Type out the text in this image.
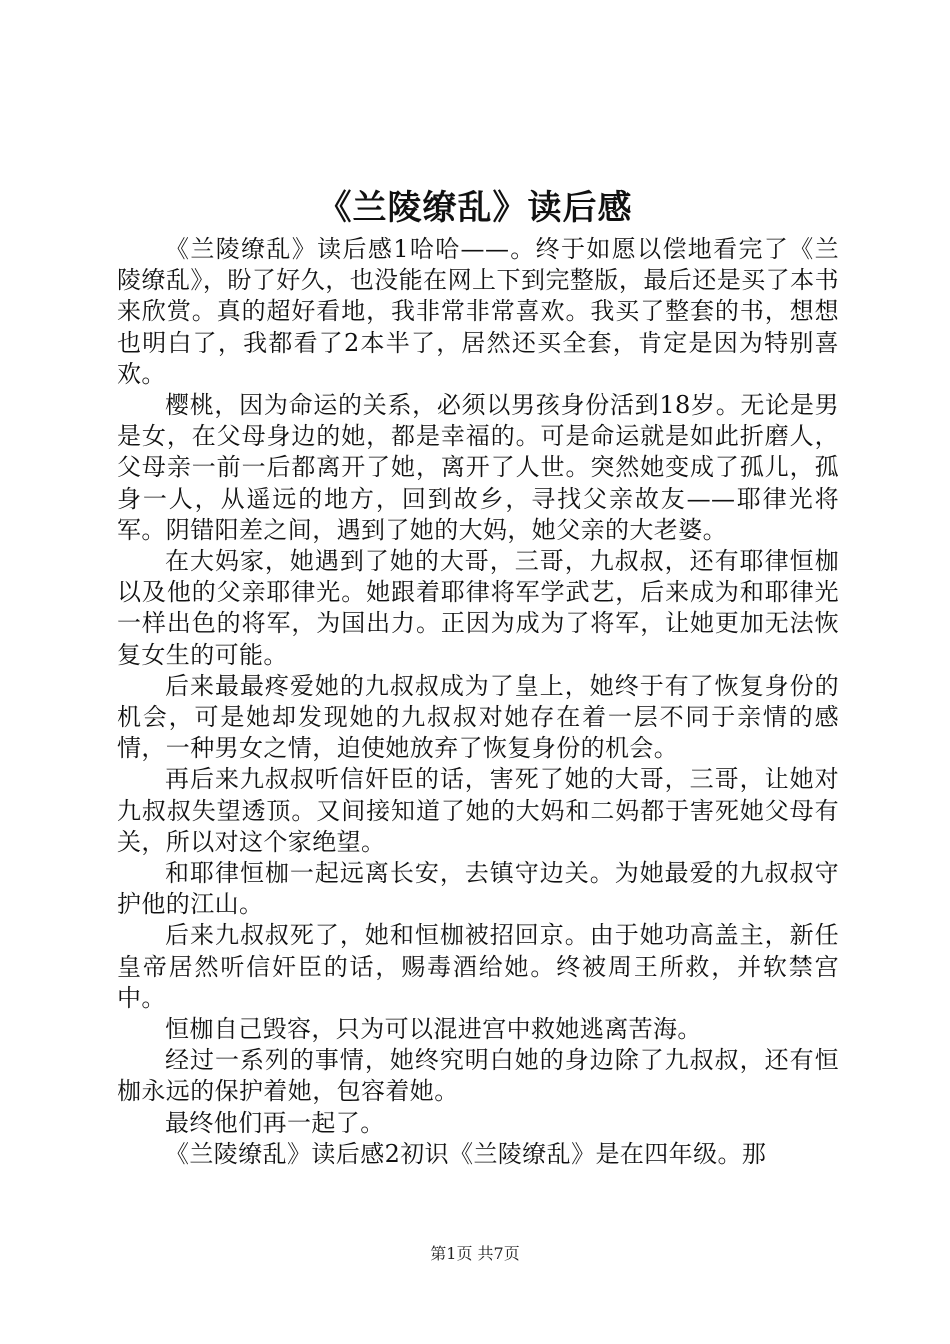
《兰陵缭乱》读后感

《兰陵缭乱》读后感1哈哈——。终于如愿以偿地看完了《兰陵缭乱》，盼了好久，也没能在网上下到完整版，最后还是买了本书来欣赏。真的超好看地，我非常非常喜欢。我买了整套的书，想想也明白了，我都看了2本半了，居然还买全套，肯定是因为特别喜欢。

樱桃，因为命运的关系，必须以男孩身份活到18岁。无论是男是女，在父母身边的她，都是幸福的。可是命运就是如此折磨人，父母亲一前一后都离开了她，离开了人世。突然她变成了孤儿，孤身一人，从遥远的地方，回到故乡，寻找父亲故友——耶律光将军。阴错阳差之间，遇到了她的大妈，她父亲的大老婆。

在大妈家，她遇到了她的大哥，三哥，九叔叔，还有耶律恒枷以及他的父亲耶律光。她跟着耶律将军学武艺，后来成为和耶律光一样出色的将军，为国出力。正因为成为了将军，让她更加无法恢复女生的可能。

后来最最疼爱她的九叔叔成为了皇上，她终于有了恢复身份的机会，可是她却发现她的九叔叔对她存在着一层不同于亲情的感情，一种男女之情，迫使她放弃了恢复身份的机会。

再后来九叔叔听信奸臣的话，害死了她的大哥，三哥，让她对九叔叔失望透顶。又间接知道了她的大妈和二妈都于害死她父母有关，所以对这个家绝望。

和耶律恒枷一起远离长安，去镇守边关。为她最爱的九叔叔守护他的江山。

后来九叔叔死了，她和恒枷被招回京。由于她功高盖主，新任皇帝居然听信奸臣的话，赐毒酒给她。终被周王所救，并软禁宫中。

恒枷自己毁容，只为可以混进宫中救她逃离苦海。

经过一系列的事情，她终究明白她的身边除了九叔叔，还有恒枷永远的保护着她，包容着她。

最终他们再一起了。

《兰陵缭乱》读后感2初识《兰陵缭乱》是在四年级。那

第1页 共7页
